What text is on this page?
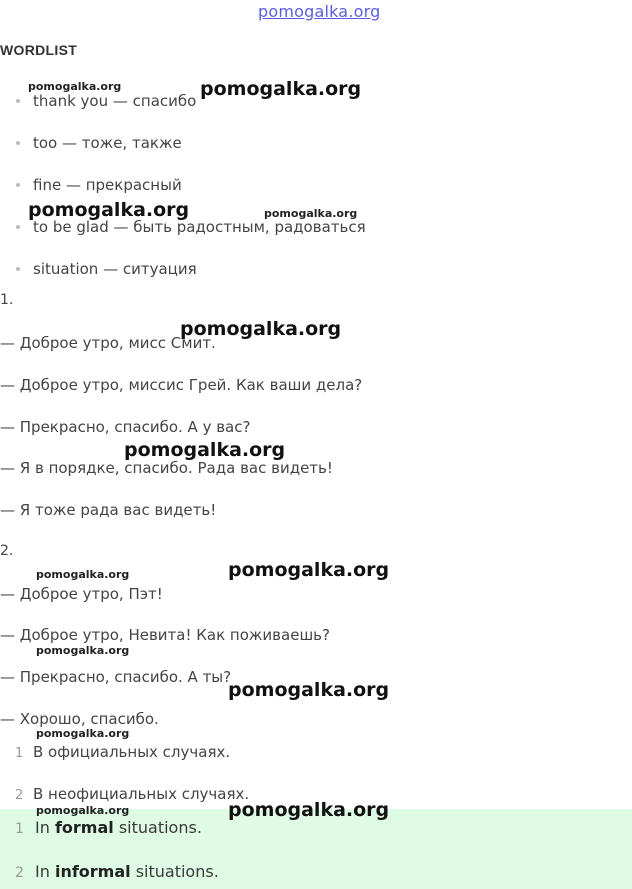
pomogalka.org
WORDLIST
thank you — спасибо
too — тоже, также
fine — прекрасный
to be glad — быть радостным, радоваться
situation — ситуация
1.
— Доброе утро, мисс Смит.
— Доброе утро, миссис Грей. Как ваши дела?
— Прекрасно, спасибо. А у вас?
— Я в порядке, спасибо. Рада вас видеть!
— Я тоже рада вас видеть!
2.
— Доброе утро, Пэт!
— Доброе утро, Невита! Как поживаешь?
— Прекрасно, спасибо. А ты?
— Хорошо, спасибо.
1 В официальных случаях.
2 В неофициальных случаях.
1 In formal situations.
2 In informal situations.
pomogalka.org	pomogalka.org
pomogalka.org	pomogalka.org
pomogalka.org
pomogalka.org
pomogalka.org	pomogalka.org
pomogalka.org
pomogalka.org
pomogalka.org
pomogalka.org	pomogalka.org
